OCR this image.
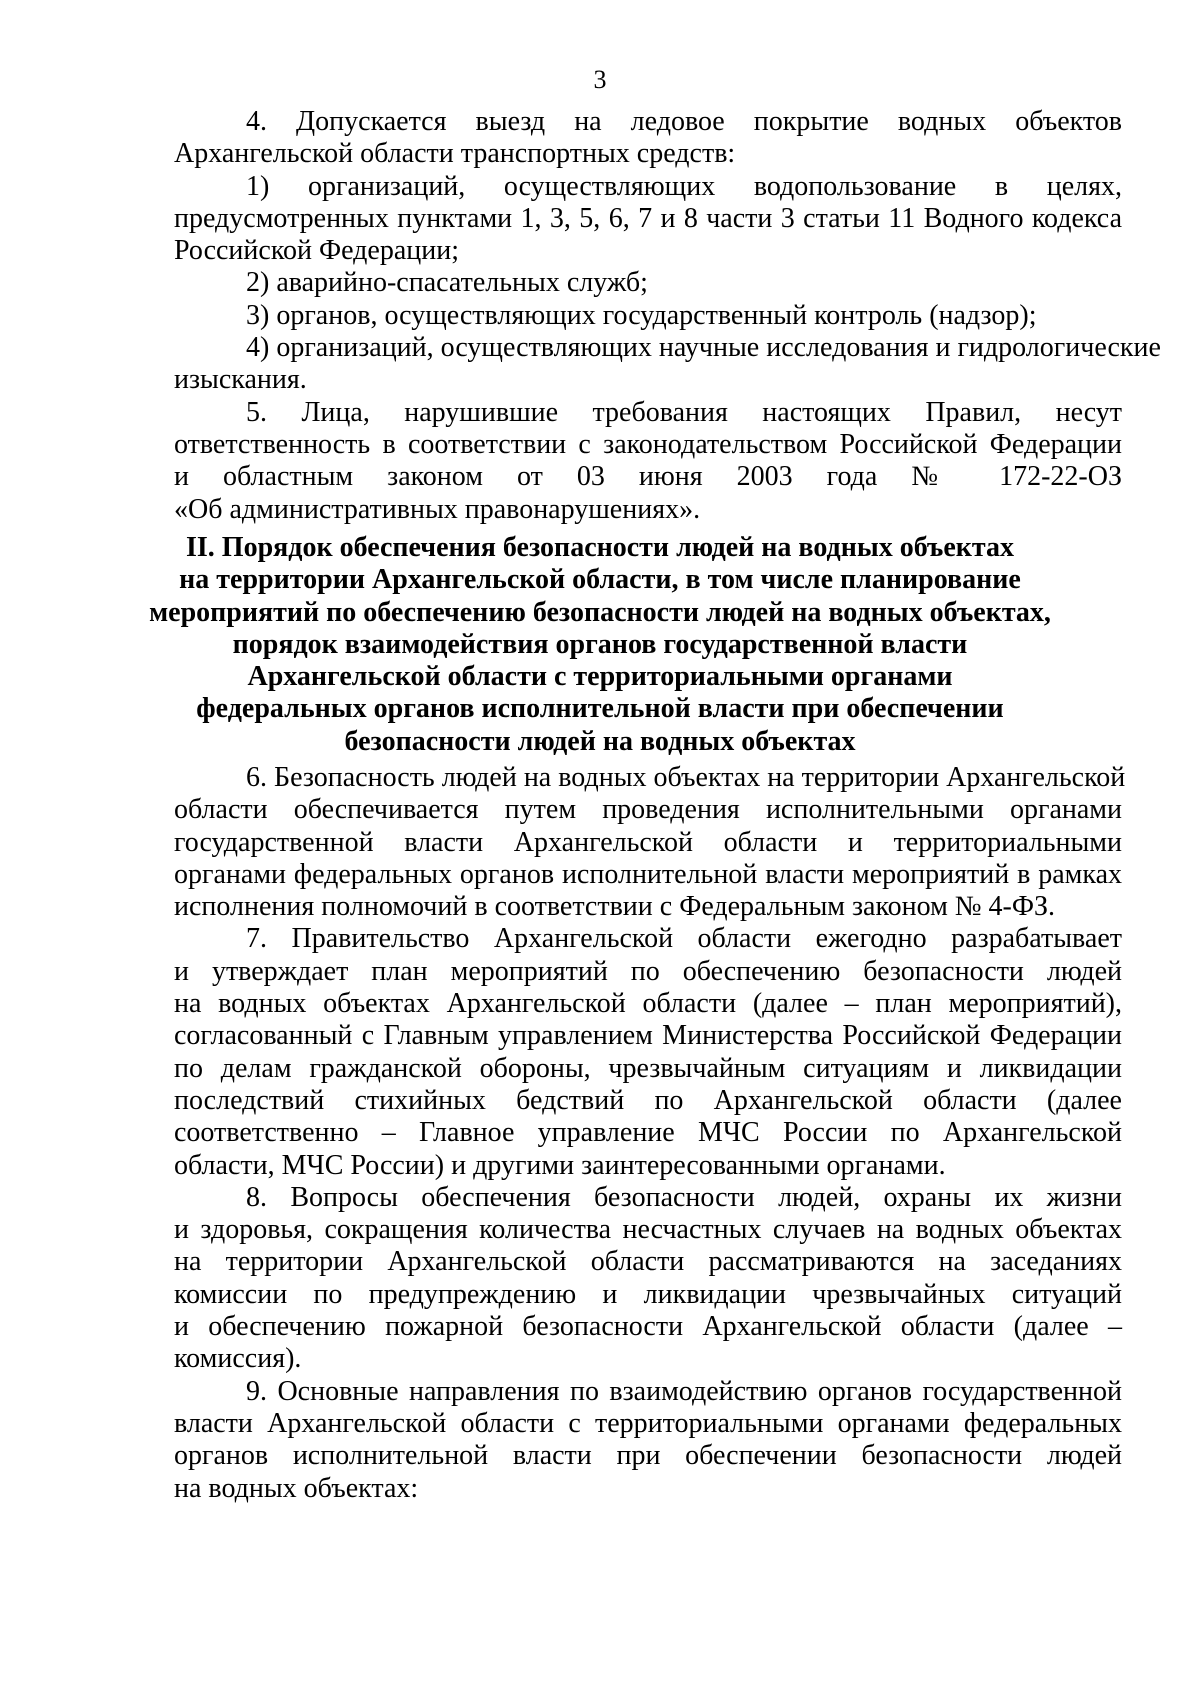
3
4. Допускается выезд на ледовое покрытие водных объектов
Архангельской области транспортных средств:
1) организаций, осуществляющих водопользование в целях,
предусмотренных пунктами 1, 3, 5, 6, 7 и 8 части 3 статьи 11 Водного кодекса
Российской Федерации;
2) аварийно-спасательных служб;
3) органов, осуществляющих государственный контроль (надзор);
4) организаций, осуществляющих научные исследования и гидрологические
изыскания.
5. Лица, нарушившие требования настоящих Правил, несут
ответственность в соответствии с законодательством Российской Федерации
и областным законом от 03 июня 2003 года № 172-22-ОЗ
«Об административных правонарушениях».
II. Порядок обеспечения безопасности людей на водных объектах
на территории Архангельской области, в том числе планирование
мероприятий по обеспечению безопасности людей на водных объектах,
порядок взаимодействия органов государственной власти
Архангельской области с территориальными органами
федеральных органов исполнительной власти при обеспечении
безопасности людей на водных объектах
6. Безопасность людей на водных объектах на территории Архангельской
области обеспечивается путем проведения исполнительными органами
государственной власти Архангельской области и территориальными
органами федеральных органов исполнительной власти мероприятий в рамках
исполнения полномочий в соответствии с Федеральным законом № 4-ФЗ.
7. Правительство Архангельской области ежегодно разрабатывает
и утверждает план мероприятий по обеспечению безопасности людей
на водных объектах Архангельской области (далее – план мероприятий),
согласованный с Главным управлением Министерства Российской Федерации
по делам гражданской обороны, чрезвычайным ситуациям и ликвидации
последствий стихийных бедствий по Архангельской области (далее
соответственно – Главное управление МЧС России по Архангельской
области, МЧС России) и другими заинтересованными органами.
8. Вопросы обеспечения безопасности людей, охраны их жизни
и здоровья, сокращения количества несчастных случаев на водных объектах
на территории Архангельской области рассматриваются на заседаниях
комиссии по предупреждению и ликвидации чрезвычайных ситуаций
и обеспечению пожарной безопасности Архангельской области (далее –
комиссия).
9. Основные направления по взаимодействию органов государственной
власти Архангельской области с территориальными органами федеральных
органов исполнительной власти при обеспечении безопасности людей
на водных объектах:
